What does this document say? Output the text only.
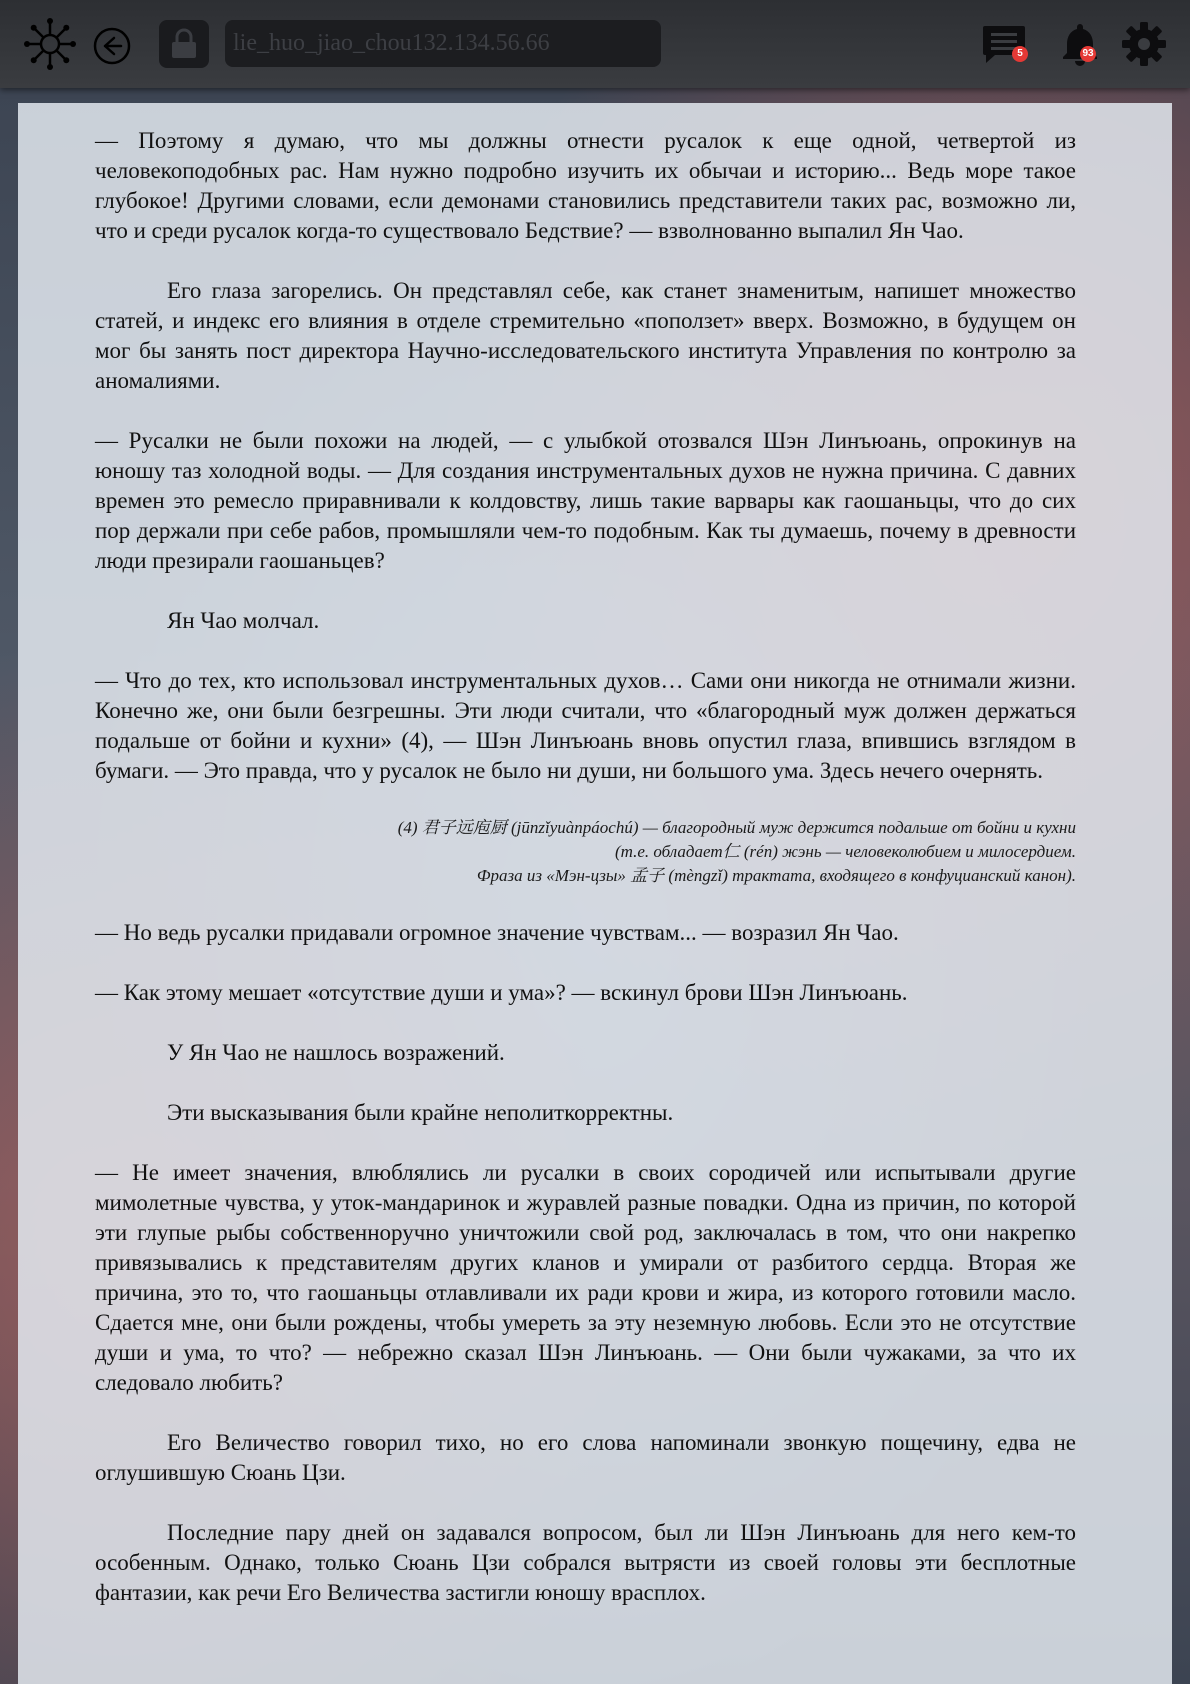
lie_huo_jiao_chou132.134.56.66	5	93

— Поэтому я думаю, что мы должны отнести русалок к еще одной, четвертой из человекоподобных рас. Нам нужно подробно изучить их обычаи и историю... Ведь море такое глубокое! Другими словами, если демонами становились представители таких рас, возможно ли, что и среди русалок когда-то существовало Бедствие? — взволнованно выпалил Ян Чао.

Его глаза загорелись. Он представлял себе, как станет знаменитым, напишет множество статей, и индекс его влияния в отделе стремительно «поползет» вверх. Возможно, в будущем он мог бы занять пост директора Научно-исследовательского института Управления по контролю за аномалиями.

— Русалки не были похожи на людей, — с улыбкой отозвался Шэн Линъюань, опрокинув на юношу таз холодной воды. — Для создания инструментальных духов не нужна причина. С давних времен это ремесло приравнивали к колдовству, лишь такие варвары как гаошаньцы, что до сих пор держали при себе рабов, промышляли чем-то подобным. Как ты думаешь, почему в древности люди презирали гаошаньцев?

Ян Чао молчал.

— Что до тех, кто использовал инструментальных духов… Сами они никогда не отнимали жизни. Конечно же, они были безгрешны. Эти люди считали, что «благородный муж должен держаться подальше от бойни и кухни» (4), — Шэн Линъюань вновь опустил глаза, впившись взглядом в бумаги. — Это правда, что у русалок не было ни души, ни большого ума. Здесь нечего очернять.

(4) 君子远庖厨 (jūnzǐyuànpáochú) — благородный муж держится подальше от бойни и кухни
(т.е. обладает仁 (rén) жэнь — человеколюбием и милосердием.
Фраза из «Мэн-цзы» 孟子 (mèngzǐ) трактата, входящего в конфуцианский канон).

— Но ведь русалки придавали огромное значение чувствам... — возразил Ян Чао.

— Как этому мешает «отсутствие души и ума»? — вскинул брови Шэн Линъюань.

У Ян Чао не нашлось возражений.

Эти высказывания были крайне неполиткорректны.

— Не имеет значения, влюблялись ли русалки в своих сородичей или испытывали другие мимолетные чувства, у уток-мандаринок и журавлей разные повадки. Одна из причин, по которой эти глупые рыбы собственноручно уничтожили свой род, заключалась в том, что они накрепко привязывались к представителям других кланов и умирали от разбитого сердца. Вторая же причина, это то, что гаошаньцы отлавливали их ради крови и жира, из которого готовили масло. Сдается мне, они были рождены, чтобы умереть за эту неземную любовь. Если это не отсутствие души и ума, то что? — небрежно сказал Шэн Линъюань. — Они были чужаками, за что их следовало любить?

Его Величество говорил тихо, но его слова напоминали звонкую пощечину, едва не оглушившую Сюань Цзи.

Последние пару дней он задавался вопросом, был ли Шэн Линъюань для него кем-то особенным. Однако, только Сюань Цзи собрался вытрясти из своей головы эти бесплотные фантазии, как речи Его Величества застигли юношу врасплох.
